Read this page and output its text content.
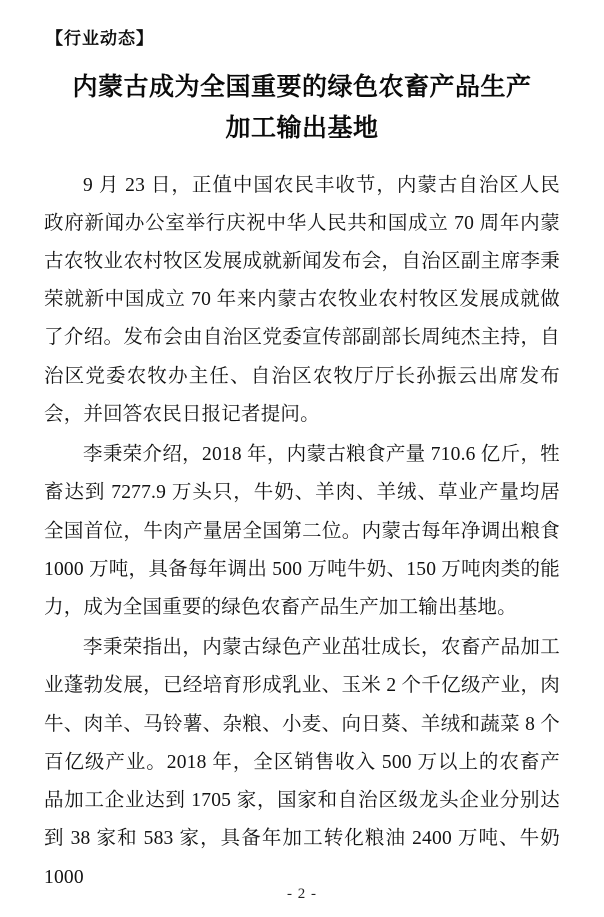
【行业动态】
内蒙古成为全国重要的绿色农畜产品生产
加工输出基地

9 月 23 日，正值中国农民丰收节，内蒙古自治区人民政府新闻办公室举行庆祝中华人民共和国成立 70 周年内蒙古农牧业农村牧区发展成就新闻发布会，自治区副主席李秉荣就新中国成立 70 年来内蒙古农牧业农村牧区发展成就做了介绍。发布会由自治区党委宣传部副部长周纯杰主持，自治区党委农牧办主任、自治区农牧厅厅长孙振云出席发布会，并回答农民日报记者提问。

李秉荣介绍，2018 年，内蒙古粮食产量 710.6 亿斤，牲畜达到 7277.9 万头只，牛奶、羊肉、羊绒、草业产量均居全国首位，牛肉产量居全国第二位。内蒙古每年净调出粮食 1000 万吨，具备每年调出 500 万吨牛奶、150 万吨肉类的能力，成为全国重要的绿色农畜产品生产加工输出基地。

李秉荣指出，内蒙古绿色产业茁壮成长，农畜产品加工业蓬勃发展，已经培育形成乳业、玉米 2 个千亿级产业，肉牛、肉羊、马铃薯、杂粮、小麦、向日葵、羊绒和蔬菜 8 个百亿级产业。2018 年，全区销售收入 500 万以上的农畜产品加工企业达到 1705 家，国家和自治区级龙头企业分别达到 38 家和 583 家，具备年加工转化粮油 2400 万吨、牛奶 1000

- 2 -
